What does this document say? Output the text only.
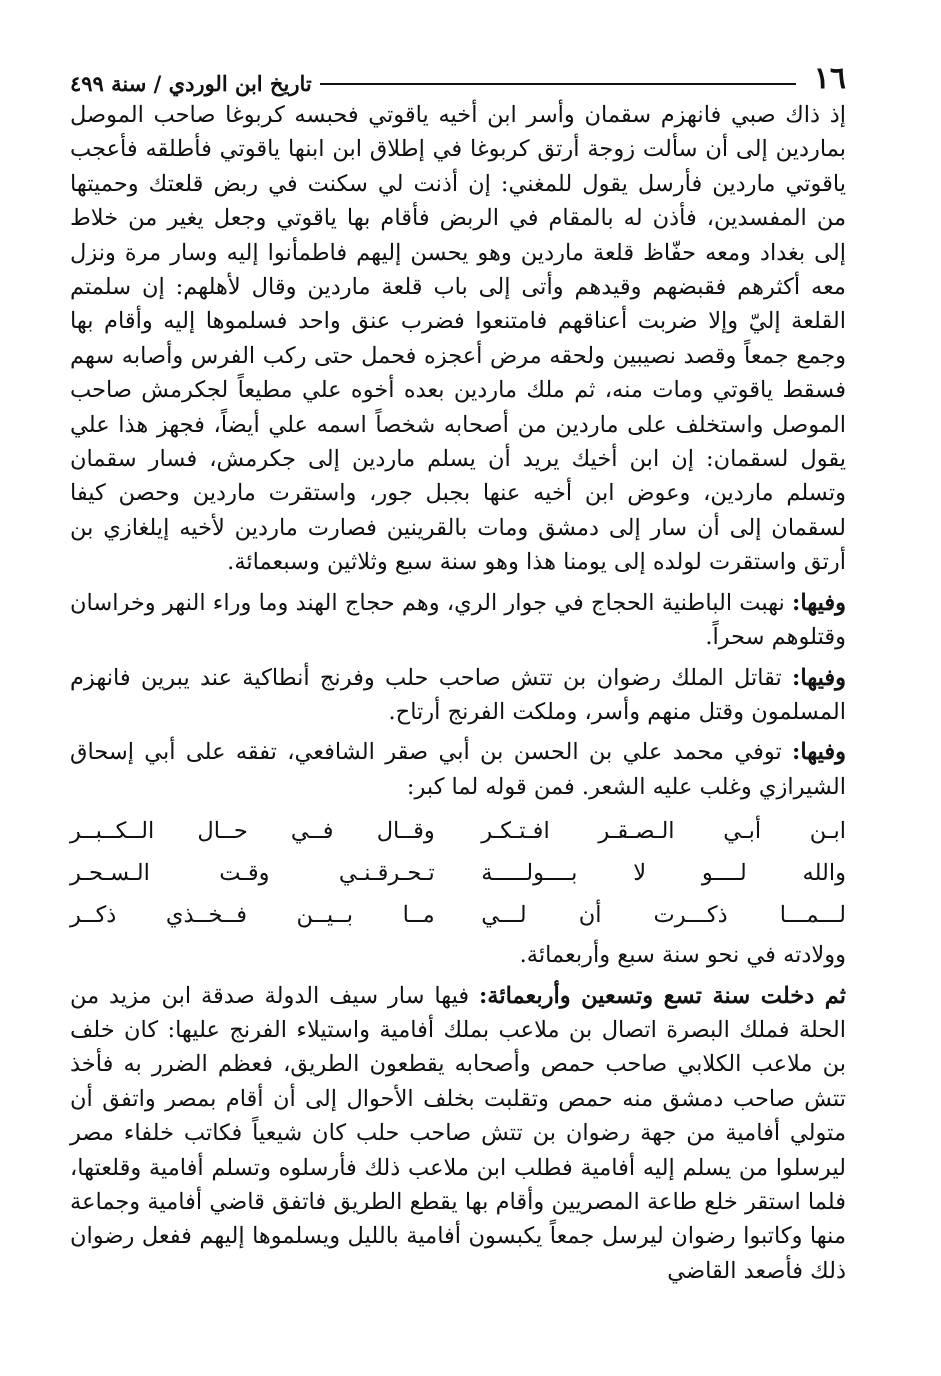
١٦
تاريخ ابن الوردي / سنة ٤٩٩

إذ ذاك صبي فانهزم سقمان وأسر ابن أخيه ياقوتي فحبسه كربوغا صاحب الموصل بماردين إلى أن سألت زوجة أرتق كربوغا في إطلاق ابن ابنها ياقوتي فأطلقه فأعجب ياقوتي ماردين فأرسل يقول للمغني: إن أذنت لي سكنت في ربض قلعتك وحميتها من المفسدين، فأذن له بالمقام في الربض فأقام بها ياقوتي وجعل يغير من خلاط إلى بغداد ومعه حفّاظ قلعة ماردين وهو يحسن إليهم فاطمأنوا إليه وسار مرة ونزل معه أكثرهم فقبضهم وقيدهم وأتى إلى باب قلعة ماردين وقال لأهلهم: إن سلمتم القلعة إليّ وإلا ضربت أعناقهم فامتنعوا فضرب عنق واحد فسلموها إليه وأقام بها وجمع جمعاً وقصد نصيبين ولحقه مرض أعجزه فحمل حتى ركب الفرس وأصابه سهم فسقط ياقوتي ومات منه، ثم ملك ماردين بعده أخوه علي مطيعاً لجكرمش صاحب الموصل واستخلف على ماردين من أصحابه شخصاً اسمه علي أيضاً، فجهز هذا علي يقول لسقمان: إن ابن أخيك يريد أن يسلم ماردين إلى جكرمش، فسار سقمان وتسلم ماردين، وعوض ابن أخيه عنها بجبل جور، واستقرت ماردين وحصن كيفا لسقمان إلى أن سار إلى دمشق ومات بالقرينين فصارت ماردين لأخيه إيلغازي بن أرتق واستقرت لولده إلى يومنا هذا وهو سنة سبع وثلاثين وسبعمائة.

وفيها: نهبت الباطنية الحجاج في جوار الري، وهم حجاج الهند وما وراء النهر وخراسان وقتلوهم سحراً.

وفيها: تقاتل الملك رضوان بن تتش صاحب حلب وفرنج أنطاكية عند يبرين فانهزم المسلمون وقتل منهم وأسر، وملكت الفرنج أرتاح.

وفيها: توفي محمد علي بن الحسن بن أبي صقر الشافعي، تفقه على أبي إسحاق الشيرازي وغلب عليه الشعر. فمن قوله لما كبر:

ابـن أبـي الـصـقـر افـتـكـر
وقــال فــي حــال الــكــبــر
والله لــــو لا بــــولـــــة
تـحـرقـنـي وقـت الـسـحـر
لـــمـــا ذكـــرت أن لـــي
مــا بــيــن فــخــذي ذكــر

وولادته في نحو سنة سبع وأربعمائة.

ثم دخلت سنة تسع وتسعين وأربعمائة: فيها سار سيف الدولة صدقة ابن مزيد من الحلة فملك البصرة اتصال بن ملاعب بملك أفامية واستيلاء الفرنج عليها: كان خلف بن ملاعب الكلابي صاحب حمص وأصحابه يقطعون الطريق، فعظم الضرر به فأخذ تتش صاحب دمشق منه حمص وتقلبت بخلف الأحوال إلى أن أقام بمصر واتفق أن متولي أفامية من جهة رضوان بن تتش صاحب حلب كان شيعياً فكاتب خلفاء مصر ليرسلوا من يسلم إليه أفامية فطلب ابن ملاعب ذلك فأرسلوه وتسلم أفامية وقلعتها، فلما استقر خلع طاعة المصريين وأقام بها يقطع الطريق فاتفق قاضي أفامية وجماعة منها وكاتبوا رضوان ليرسل جمعاً يكبسون أفامية بالليل ويسلموها إليهم ففعل رضوان ذلك فأصعد القاضي
